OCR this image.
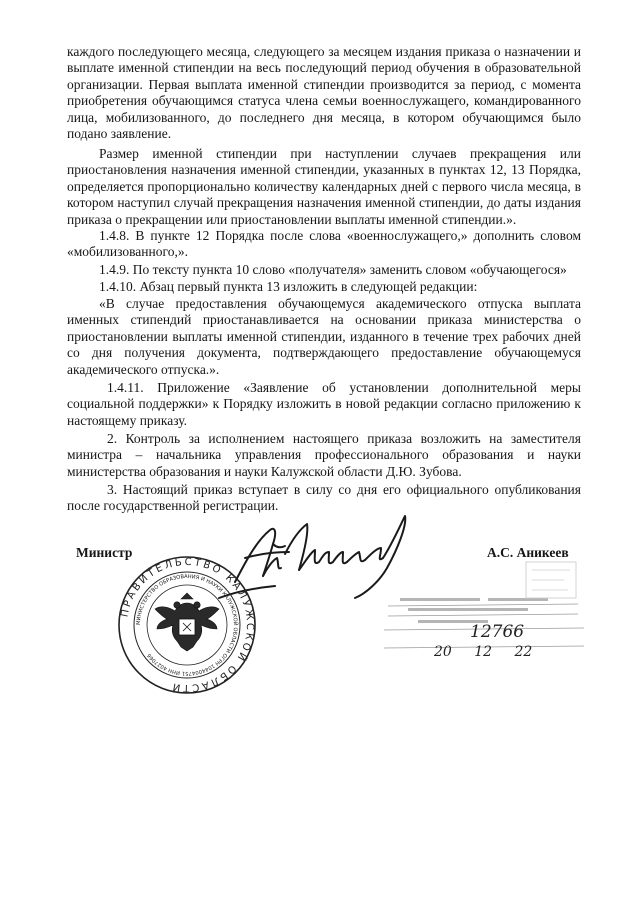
каждого последующего месяца, следующего за месяцем издания приказа о назначении и выплате именной стипендии на весь последующий период обучения в образовательной организации. Первая выплата именной стипендии производится за период, с момента приобретения обучающимся статуса члена семьи военнослужащего, командированного лица, мобилизованного, до последнего дня месяца, в котором обучающимся было подано заявление.

Размер именной стипендии при наступлении случаев прекращения или приостановления назначения именной стипендии, указанных в пунктах 12, 13 Порядка, определяется пропорционально количеству календарных дней с первого числа месяца, в котором наступил случай прекращения назначения именной стипендии, до даты издания приказа о прекращении или приостановлении выплаты именной стипендии.».

1.4.8. В пункте 12 Порядка после слова «военнослужащего,» дополнить словом «мобилизованного,».

1.4.9. По тексту пункта 10 слово «получателя» заменить словом «обучающегося»

1.4.10. Абзац первый пункта 13 изложить в следующей редакции:

«В случае предоставления обучающемуся академического отпуска выплата именных стипендий приостанавливается на основании приказа министерства о приостановлении выплаты именной стипендии, изданного в течение трех рабочих дней со дня получения документа, подтверждающего предоставление обучающемуся академического отпуска.».

1.4.11. Приложение «Заявление об установлении дополнительной меры социальной поддержки» к Порядку изложить в новой редакции согласно приложению к настоящему приказу.

2. Контроль за исполнением настоящего приказа возложить на заместителя министра – начальника управления профессионального образования и науки министерства образования и науки Калужской области Д.Ю. Зубова.

3. Настоящий приказ вступает в силу со дня его официального опубликования после государственной регистрации.

Министр	А.С. Аникеев
ПРАВИТЕЛЬСТВО КАЛУЖСКОЙ ОБЛАСТИ
МИНИСТЕРСТВО ОБРАЗОВАНИЯ И НАУКИ КАЛУЖСКОЙ ОБЛАСТИ ОГРН 1044004751 ИНН 4027066
12766
20 12 22
